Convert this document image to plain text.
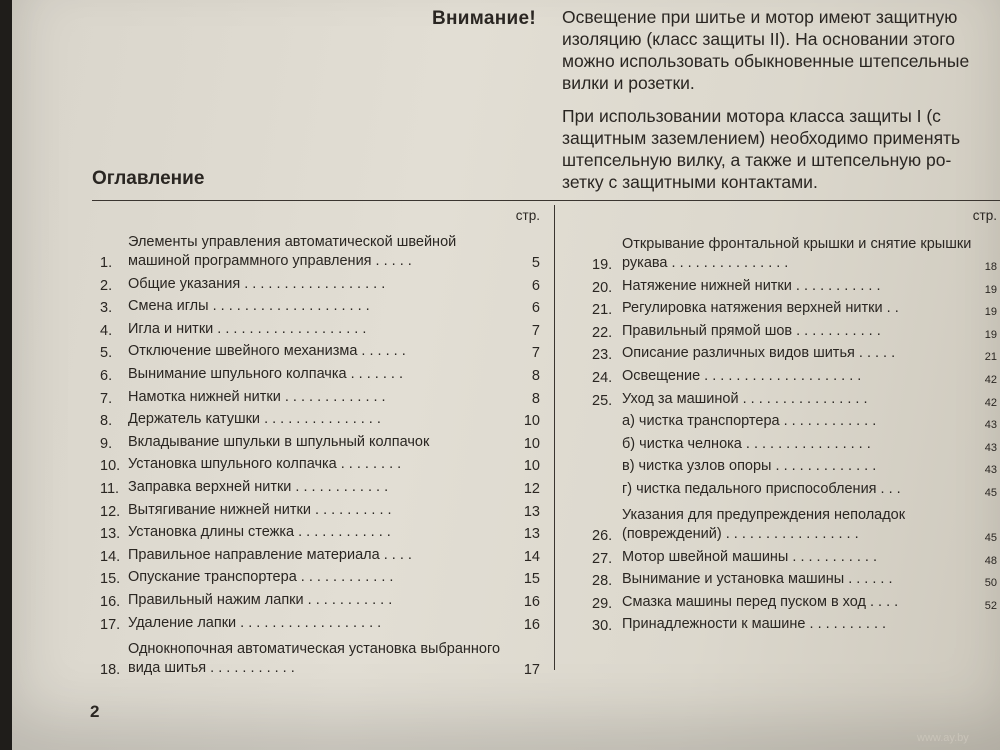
Внимание! Освещение при шитье и мотор имеют защитную
изоляцию (класс защиты II). На основании этого
можно использовать обыкновенные штепсельные
вилки и розетки.

При использовании мотора класса защиты I (с
защитным заземлением) необходимо применять
штепсельную вилку, а также и штепсельную ро-
зетку с защитными контактами.

Оглавление
стр.
1.
Элементы управления автоматической швейной машиной программного управления . . . . .	5
2.	Общие указания . . . . . . . . . . . . . . . . . .	6
3.	Смена иглы . . . . . . . . . . . . . . . . . . . .	6
4.	Игла и нитки . . . . . . . . . . . . . . . . . . .	7
5.	Отключение швейного механизма . . . . . .	7
6.	Вынимание шпульного колпачка . . . . . . .	8
7.	Намотка нижней нитки . . . . . . . . . . . . .	8
8.	Держатель катушки . . . . . . . . . . . . . . .	10
9.	Вкладывание шпульки в шпульный колпачок	10
10. Установка шпульного колпачка . . . . . . . .	10
11. Заправка верхней нитки . . . . . . . . . . . .	12
12. Вытягивание нижней нитки . . . . . . . . . .	13
13. Установка длины стежка . . . . . . . . . . . .	13
14. Правильное направление материала . . . .	14
15. Опускание транспортера . . . . . . . . . . . .	15
16. Правильный нажим лапки . . . . . . . . . . .	16
17. Удаление лапки . . . . . . . . . . . . . . . . . .	16
18.
Однокнопочная автоматическая установка выбранного вида шитья . . . . . . . . . . .	17
стр.
19.
Открывание фронтальной крышки и снятие крышки рукава . . . . . . . . . . . . . . .	18
20. Натяжение нижней нитки . . . . . . . . . . .	19
21. Регулировка натяжения верхней нитки . .	19
22. Правильный прямой шов . . . . . . . . . . .	19
23. Описание различных видов шитья . . . . .	21
24. Освещение . . . . . . . . . . . . . . . . . . . .	42
25. Уход за машиной . . . . . . . . . . . . . . . .	42
а) чистка транспортера . . . . . . . . . . . .	43
б) чистка челнока . . . . . . . . . . . . . . . .	43
в) чистка узлов опоры . . . . . . . . . . . . .	43
г) чистка педального приспособления . . .	45
26.
Указания для предупреждения неполадок (повреждений) . . . . . . . . . . . . . . . . .	45
27. Мотор швейной машины . . . . . . . . . . .	48
28. Вынимание и установка машины . . . . . .	50
29. Смазка машины перед пуском в ход . . . .	52
30. Принадлежности к машине . . . . . . . . . .
2
www.ay.by
